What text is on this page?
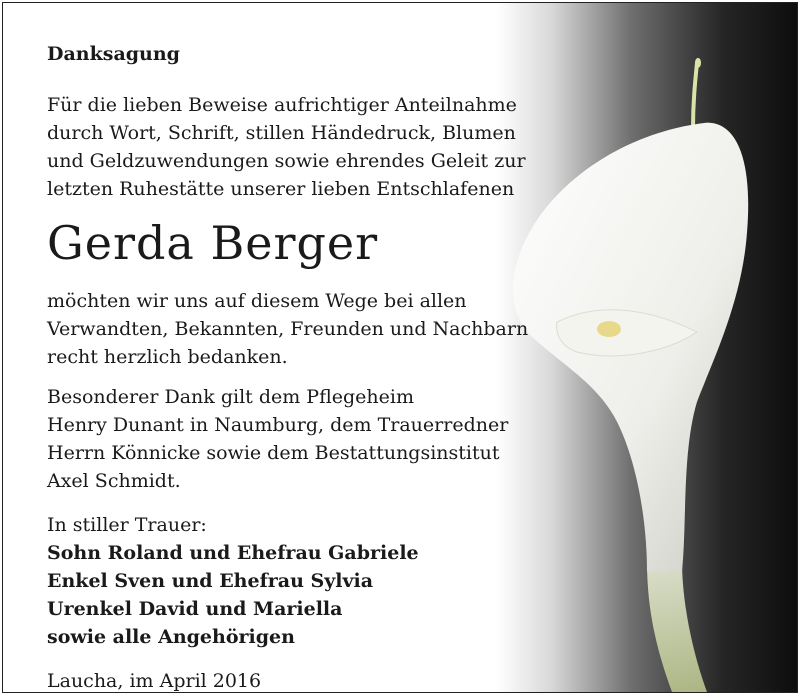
Danksagung

Für die lieben Beweise aufrichtiger Anteilnahme
durch Wort, Schrift, stillen Händedruck, Blumen
und Geldzuwendungen sowie ehrendes Geleit zur
letzten Ruhestätte unserer lieben Entschlafenen

Gerda Berger

möchten wir uns auf diesem Wege bei allen
Verwandten, Bekannten, Freunden und Nachbarn
recht herzlich bedanken.

Besonderer Dank gilt dem Pflegeheim
Henry Dunant in Naumburg, dem Trauerredner
Herrn Könnicke sowie dem Bestattungsinstitut
Axel Schmidt.

In stiller Trauer:
Sohn Roland und Ehefrau Gabriele
Enkel Sven und Ehefrau Sylvia
Urenkel David und Mariella
sowie alle Angehörigen
Laucha, im April 2016
